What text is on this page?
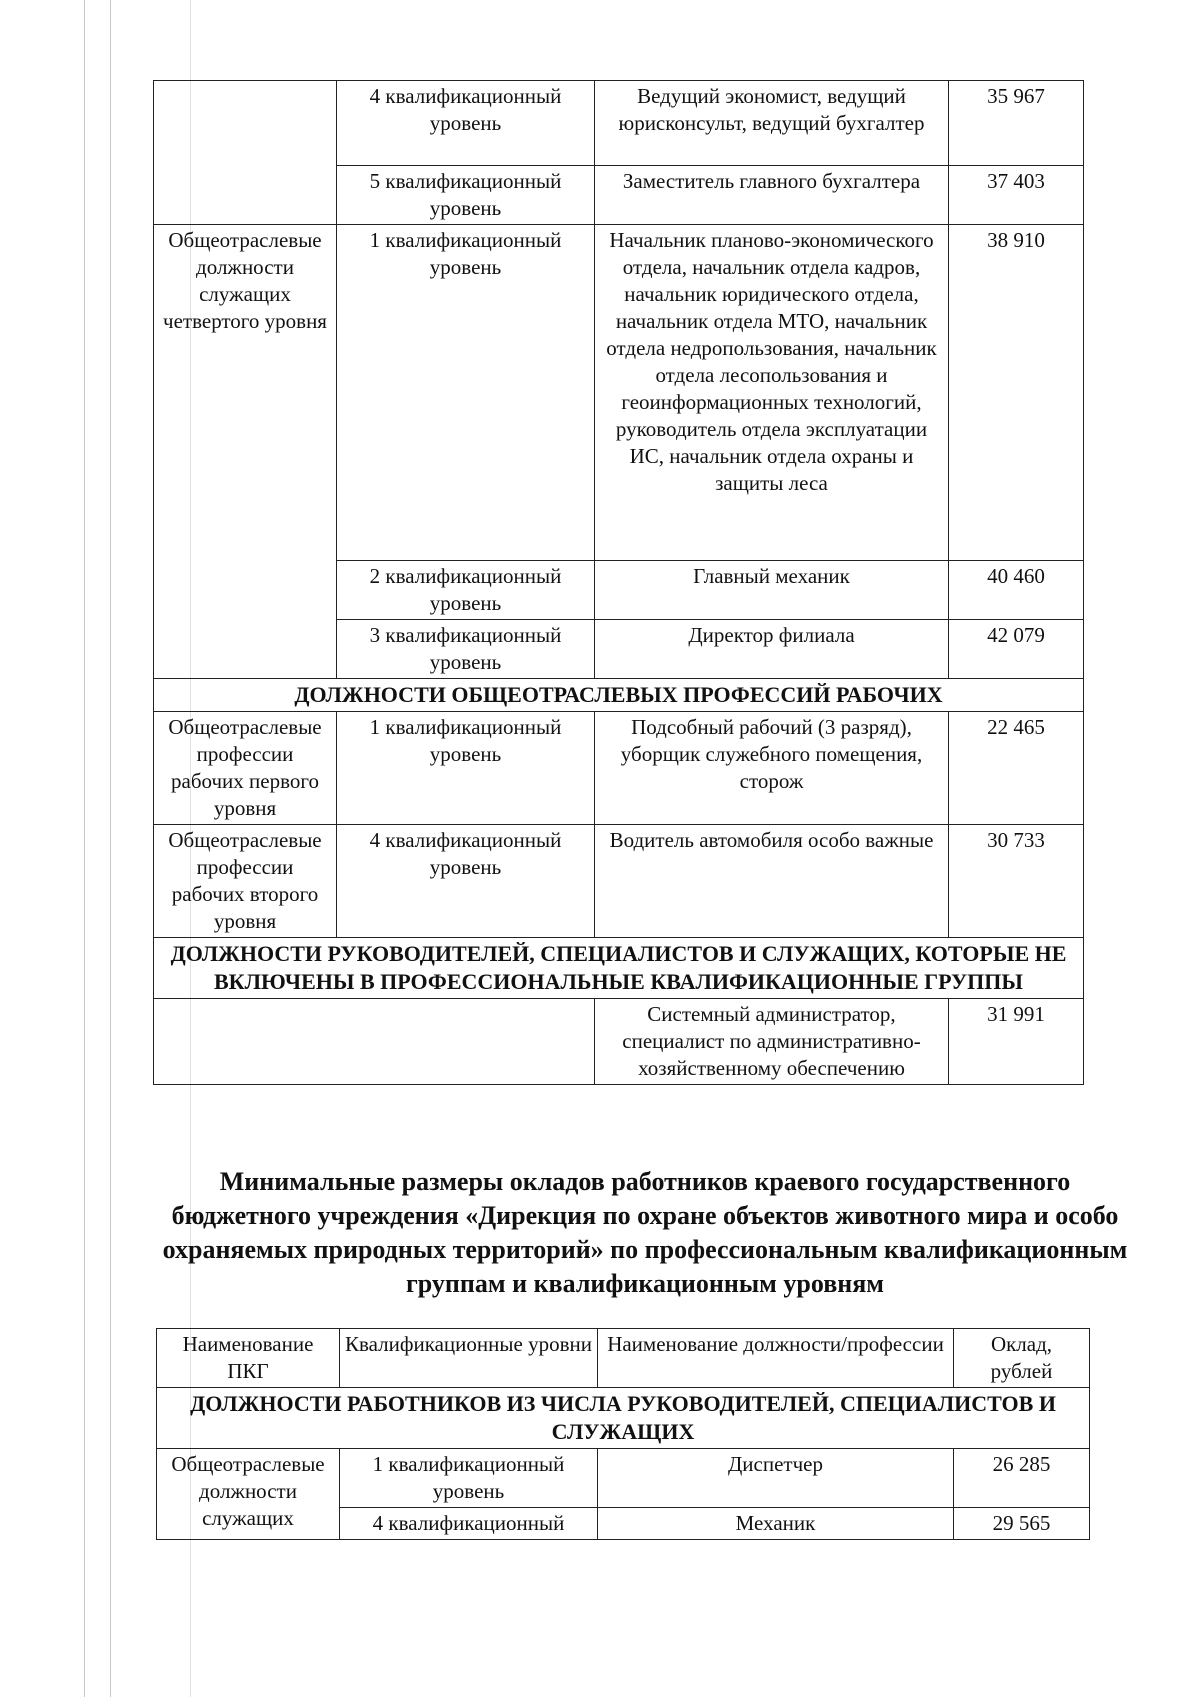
	4 квалификационный уровень	Ведущий экономист, ведущий юрисконсульт, ведущий бухгалтер	35 967
	5 квалификационный уровень	Заместитель главного бухгалтера	37 403
Общеотраслевые должности служащих четвертого уровня	1 квалификационный уровень	Начальник планово-экономического отдела, начальник отдела кадров, начальник юридического отдела, начальник отдела МТО, начальник отдела недропользования, начальник отдела лесопользования и геоинформационных технологий, руководитель отдела эксплуатации ИС, начальник отдела охраны и защиты леса	38 910
	2 квалификационный уровень	Главный механик	40 460
	3 квалификационный уровень	Директор филиала	42 079
ДОЛЖНОСТИ ОБЩЕОТРАСЛЕВЫХ ПРОФЕССИЙ РАБОЧИХ			
Общеотраслевые профессии рабочих первого уровня	1 квалификационный уровень	Подсобный рабочий (3 разряд), уборщик служебного помещения, сторож	22 465
Общеотраслевые профессии рабочих второго уровня	4 квалификационный уровень	Водитель автомобиля особо важные	30 733
ДОЛЖНОСТИ РУКОВОДИТЕЛЕЙ, СПЕЦИАЛИСТОВ И СЛУЖАЩИХ, КОТОРЫЕ НЕ ВКЛЮЧЕНЫ В ПРОФЕССИОНАЛЬНЫЕ КВАЛИФИКАЦИОННЫЕ ГРУППЫ			
		Системный администратор, специалист по административно-хозяйственному обеспечению	31 991
Минимальные размеры окладов работников краевого государственного бюджетного учреждения «Дирекция по охране объектов животного мира и особо охраняемых природных территорий» по профессиональным квалификационным группам и квалификационным уровням
Наименование ПКГ	Квалификационные уровни	Наименование должности/профессии	Оклад, рублей
ДОЛЖНОСТИ РАБОТНИКОВ ИЗ ЧИСЛА РУКОВОДИТЕЛЕЙ, СПЕЦИАЛИСТОВ И СЛУЖАЩИХ			
Общеотраслевые должности служащих	1 квалификационный уровень	Диспетчер	26 285
	4 квалификационный	Механик	29 565
